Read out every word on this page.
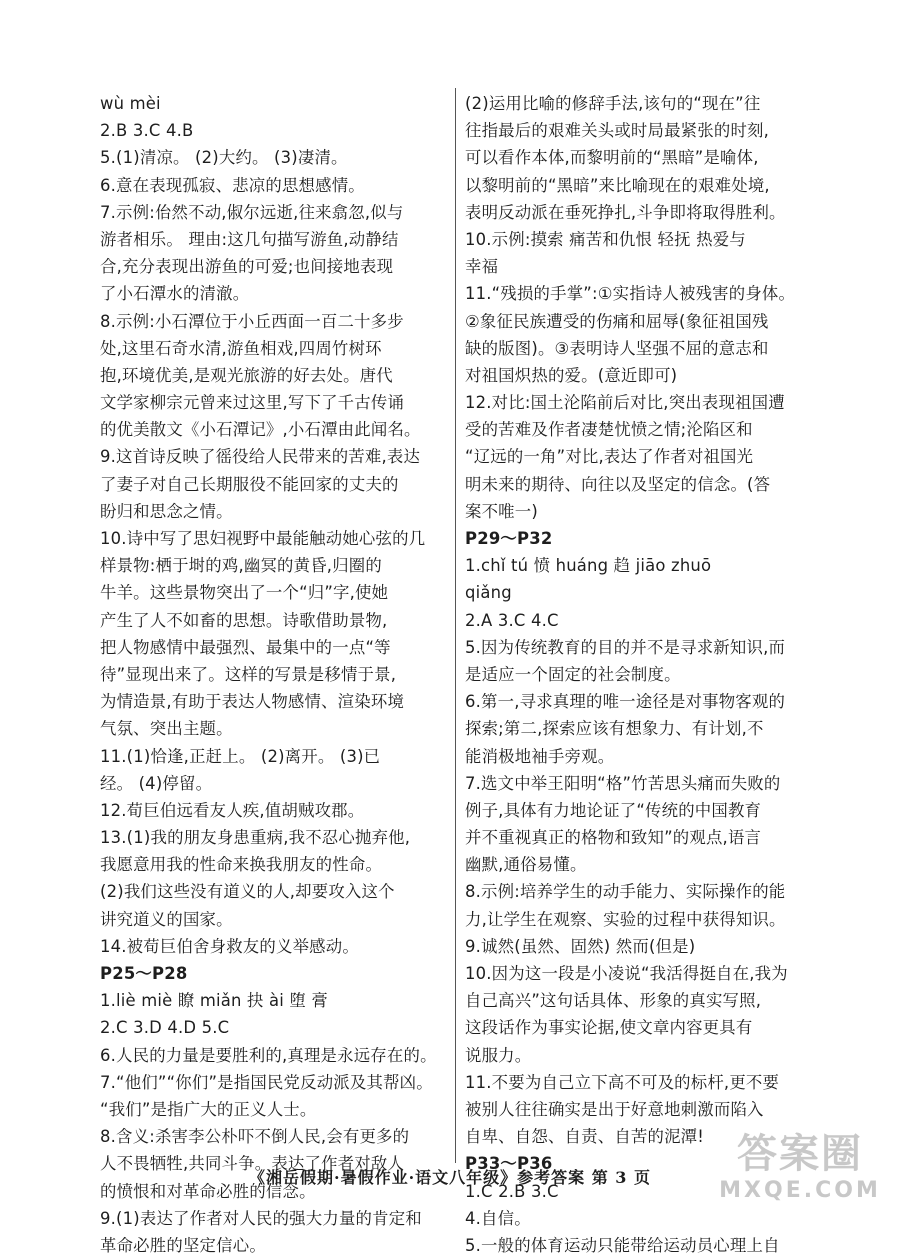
wù mèi
2.B 3.C 4.B
5.(1)清凉。 (2)大约。 (3)凄清。
6.意在表现孤寂、悲凉的思想感情。
7.示例:佁然不动,俶尔远逝,往来翕忽,似与
游者相乐。 理由:这几句描写游鱼,动静结
合,充分表现出游鱼的可爱;也间接地表现
了小石潭水的清澈。
8.示例:小石潭位于小丘西面一百二十多步
处,这里石奇水清,游鱼相戏,四周竹树环
抱,环境优美,是观光旅游的好去处。唐代
文学家柳宗元曾来过这里,写下了千古传诵
的优美散文《小石潭记》,小石潭由此闻名。
9.这首诗反映了徭役给人民带来的苦难,表达
了妻子对自己长期服役不能回家的丈夫的
盼归和思念之情。
10.诗中写了思妇视野中最能触动她心弦的几
样景物:栖于埘的鸡,幽冥的黄昏,归圈的
牛羊。这些景物突出了一个“归”字,使她
产生了人不如畜的思想。诗歌借助景物,
把人物感情中最强烈、最集中的一点“等
待”显现出来了。这样的写景是移情于景,
为情造景,有助于表达人物感情、渲染环境
气氛、突出主题。
11.(1)恰逢,正赶上。 (2)离开。 (3)已
经。 (4)停留。
12.荀巨伯远看友人疾,值胡贼攻郡。
13.(1)我的朋友身患重病,我不忍心抛弃他,
我愿意用我的性命来换我朋友的性命。
(2)我们这些没有道义的人,却要攻入这个
讲究道义的国家。
14.被荀巨伯舍身救友的义举感动。
P25～P28
1.liè miè 瞭 miǎn 抉 ài 堕 膏
2.C 3.D 4.D 5.C
6.人民的力量是要胜利的,真理是永远存在的。
7.“他们”“你们”是指国民党反动派及其帮凶。
“我们”是指广大的正义人士。
8.含义:杀害李公朴吓不倒人民,会有更多的
人不畏牺牲,共同斗争。表达了作者对敌人
的愤恨和对革命必胜的信念。
9.(1)表达了作者对人民的强大力量的肯定和
革命必胜的坚定信心。
(2)运用比喻的修辞手法,该句的“现在”往
往指最后的艰难关头或时局最紧张的时刻,
可以看作本体,而黎明前的“黑暗”是喻体,
以黎明前的“黑暗”来比喻现在的艰难处境,
表明反动派在垂死挣扎,斗争即将取得胜利。
10.示例:摸索 痛苦和仇恨 轻抚 热爱与
幸福
11.“残损的手掌”:①实指诗人被残害的身体。
②象征民族遭受的伤痛和屈辱(象征祖国残
缺的版图)。③表明诗人坚强不屈的意志和
对祖国炽热的爱。(意近即可)
12.对比:国土沦陷前后对比,突出表现祖国遭
受的苦难及作者凄楚忧愤之情;沦陷区和
“辽远的一角”对比,表达了作者对祖国光
明未来的期待、向往以及坚定的信念。(答
案不唯一)
P29～P32
1.chǐ tú 愤 huáng 趋 jiāo zhuō
qiǎng
2.A 3.C 4.C
5.因为传统教育的目的并不是寻求新知识,而
是适应一个固定的社会制度。
6.第一,寻求真理的唯一途径是对事物客观的
探索;第二,探索应该有想象力、有计划,不
能消极地袖手旁观。
7.选文中举王阳明“格”竹苦思头痛而失败的
例子,具体有力地论证了“传统的中国教育
并不重视真正的格物和致知”的观点,语言
幽默,通俗易懂。
8.示例:培养学生的动手能力、实际操作的能
力,让学生在观察、实验的过程中获得知识。
9.诚然(虽然、固然) 然而(但是)
10.因为这一段是小凌说“我活得挺自在,我为
自己高兴”这句话具体、形象的真实写照,
这段话作为事实论据,使文章内容更具有
说服力。
11.不要为自己立下高不可及的标杆,更不要
被别人往往确实是出于好意地刺激而陷入
自卑、自怨、自责、自苦的泥潭!
P33～P36
1.C 2.B 3.C
4.自信。
5.一般的体育运动只能带给运动员心理上自
《湘岳假期·暑假作业·语文八年级》参考答案 第 3 页
答案圈
MXQE.COM
